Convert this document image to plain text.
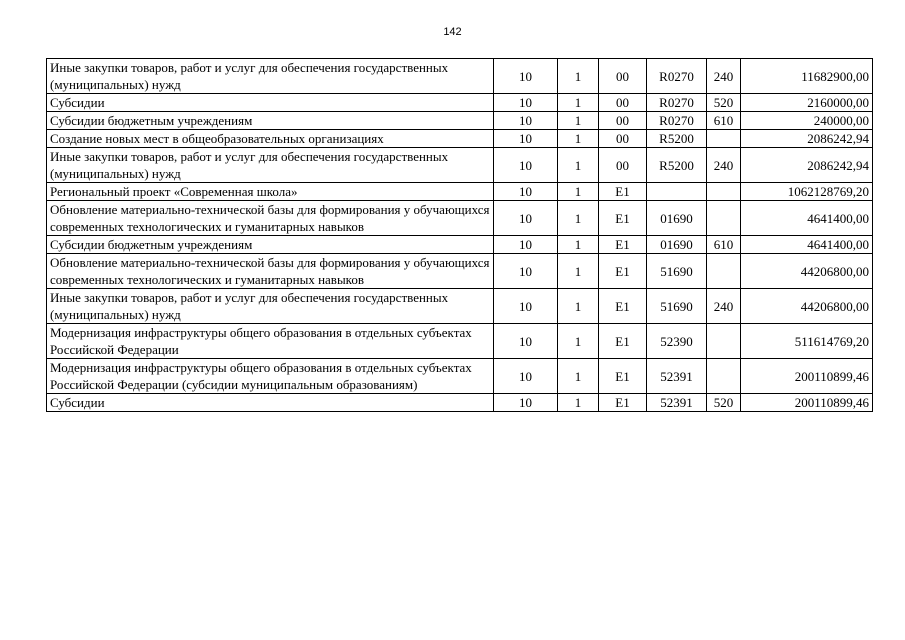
142
Иные закупки товаров, работ и услуг для обеспечения государственных (муниципальных) нужд	10	1	00	R0270	240	11682900,00
Субсидии	10	1	00	R0270	520	2160000,00
Субсидии бюджетным учреждениям	10	1	00	R0270	610	240000,00
Создание новых мест в общеобразовательных организациях	10	1	00	R5200		2086242,94
Иные закупки товаров, работ и услуг для обеспечения государственных (муниципальных) нужд	10	1	00	R5200	240	2086242,94
Региональный проект «Современная школа»	10	1	E1			1062128769,20
Обновление материально-технической базы для формирования у обучающихся современных технологических и гуманитарных навыков	10	1	E1	01690		4641400,00
Субсидии бюджетным учреждениям	10	1	E1	01690	610	4641400,00
Обновление материально-технической базы для формирования у обучающихся современных технологических и гуманитарных навыков	10	1	E1	51690		44206800,00
Иные закупки товаров, работ и услуг для обеспечения государственных (муниципальных) нужд	10	1	E1	51690	240	44206800,00
Модернизация инфраструктуры общего образования в отдельных субъектах Российской Федерации	10	1	E1	52390		511614769,20
Модернизация инфраструктуры общего образования в отдельных субъектах Российской Федерации (субсидии муниципальным образованиям)	10	1	E1	52391		200110899,46
Субсидии	10	1	E1	52391	520	200110899,46
